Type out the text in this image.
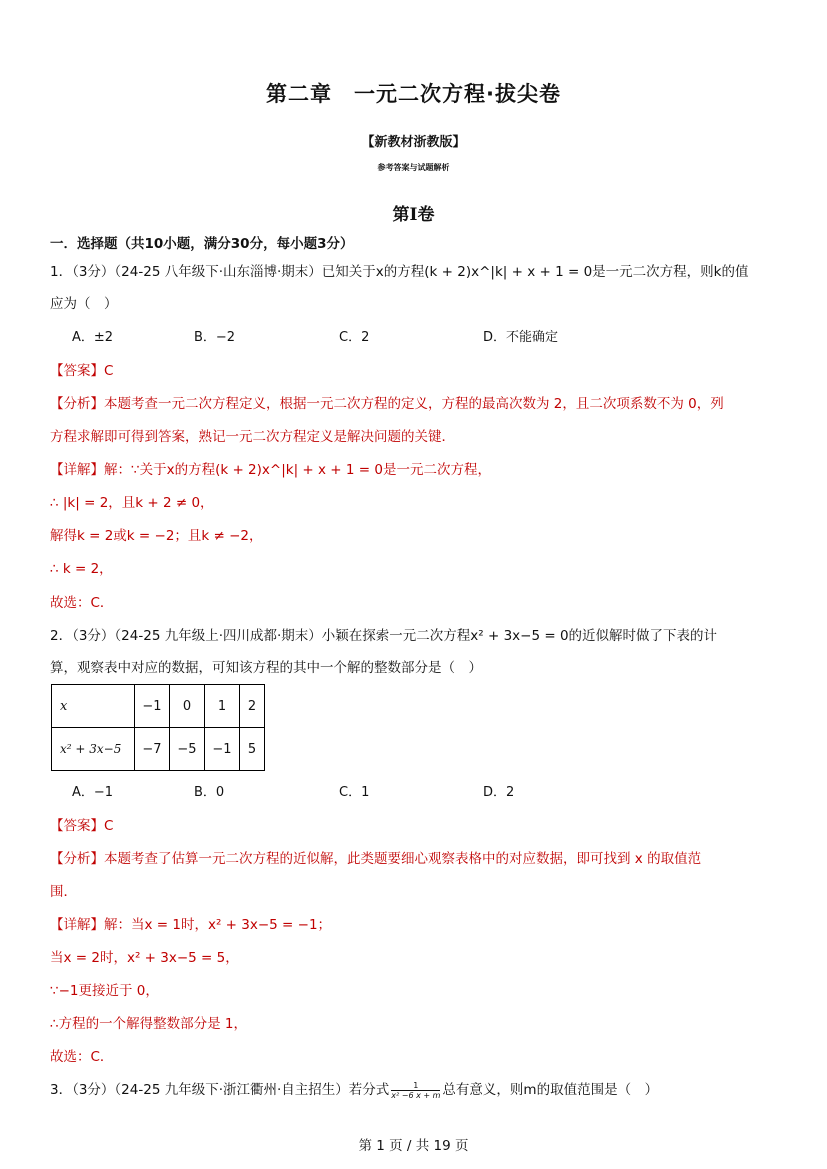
第二章　一元二次方程·拔尖卷
【新教材浙教版】
参考答案与试题解析
第Ⅰ卷
一．选择题（共10小题，满分30分，每小题3分）
1．（3分）（24-25 八年级下·山东淄博·期末）已知关于x的方程(k + 2)x^|k| + x + 1 = 0是一元二次方程，则k的值
应为（　）
A．±2	B．−2	C．2	D．不能确定
【答案】C
【分析】本题考查一元二次方程定义，根据一元二次方程的定义，方程的最高次数为 2，且二次项系数不为 0，列
方程求解即可得到答案，熟记一元二次方程定义是解决问题的关键．
【详解】解：∵关于x的方程(k + 2)x^|k| + x + 1 = 0是一元二次方程，
∴ |k| = 2，且k + 2 ≠ 0，
解得k = 2或k = −2；且k ≠ −2，
∴ k = 2，
故选：C．
2．（3分）（24-25 九年级上·四川成都·期末）小颖在探索一元二次方程x² + 3x−5 = 0的近似解时做了下表的计
算，观察表中对应的数据，可知该方程的其中一个解的整数部分是（　）
x	−1	0	1	2
x² + 3x−5	−7	−5	−1	5
A．−1	B．0	C．1	D．2
【答案】C
【分析】本题考查了估算一元二次方程的近似解，此类题要细心观察表格中的对应数据，即可找到 x 的取值范
围．
【详解】解：当x = 1时，x² + 3x−5 = −1；
当x = 2时，x² + 3x−5 = 5，
∵−1更接近于 0，
∴方程的一个解得整数部分是 1，
故选：C．
3．（3分）（24-25 九年级下·浙江衢州·自主招生）若分式 $\frac{1}{\text{x² −6 x + m}}$ 总有意义，则m的取值范围是（　）
第 1 页 / 共 19 页
